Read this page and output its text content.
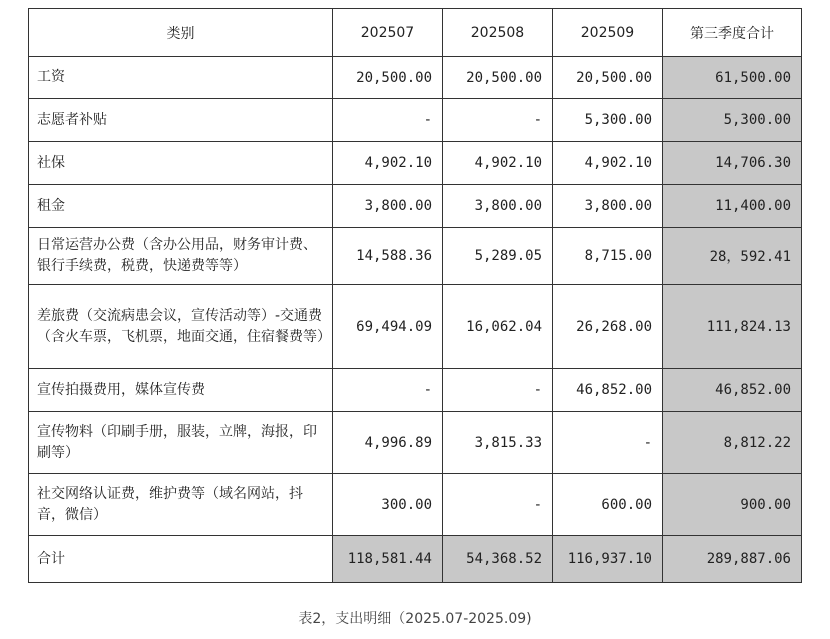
类别	202507	202508	202509	第三季度合计
工资	20,500.00	20,500.00	20,500.00	61,500.00
志愿者补贴	-	-	5,300.00	5,300.00
社保	4,902.10	4,902.10	4,902.10	14,706.30
租金	3,800.00	3,800.00	3,800.00	11,400.00
日常运营办公费（含办公用品，财务审计费、银行手续费，税费，快递费等等）	14,588.36	5,289.05	8,715.00	28，592.41
差旅费（交流病患会议，宣传活动等）-交通费（含火车票，飞机票，地面交通，住宿餐费等）	69,494.09	16,062.04	26,268.00	111,824.13
宣传拍摄费用，媒体宣传费	-	-	46,852.00	46,852.00
宣传物料（印刷手册，服装，立牌，海报，印刷等）	4,996.89	3,815.33	-	8,812.22
社交网络认证费，维护费等（域名网站，抖音，微信）	300.00	-	600.00	900.00
合计	118,581.44	54,368.52	116,937.10	289,887.06
表2，支出明细（2025.07-2025.09)
